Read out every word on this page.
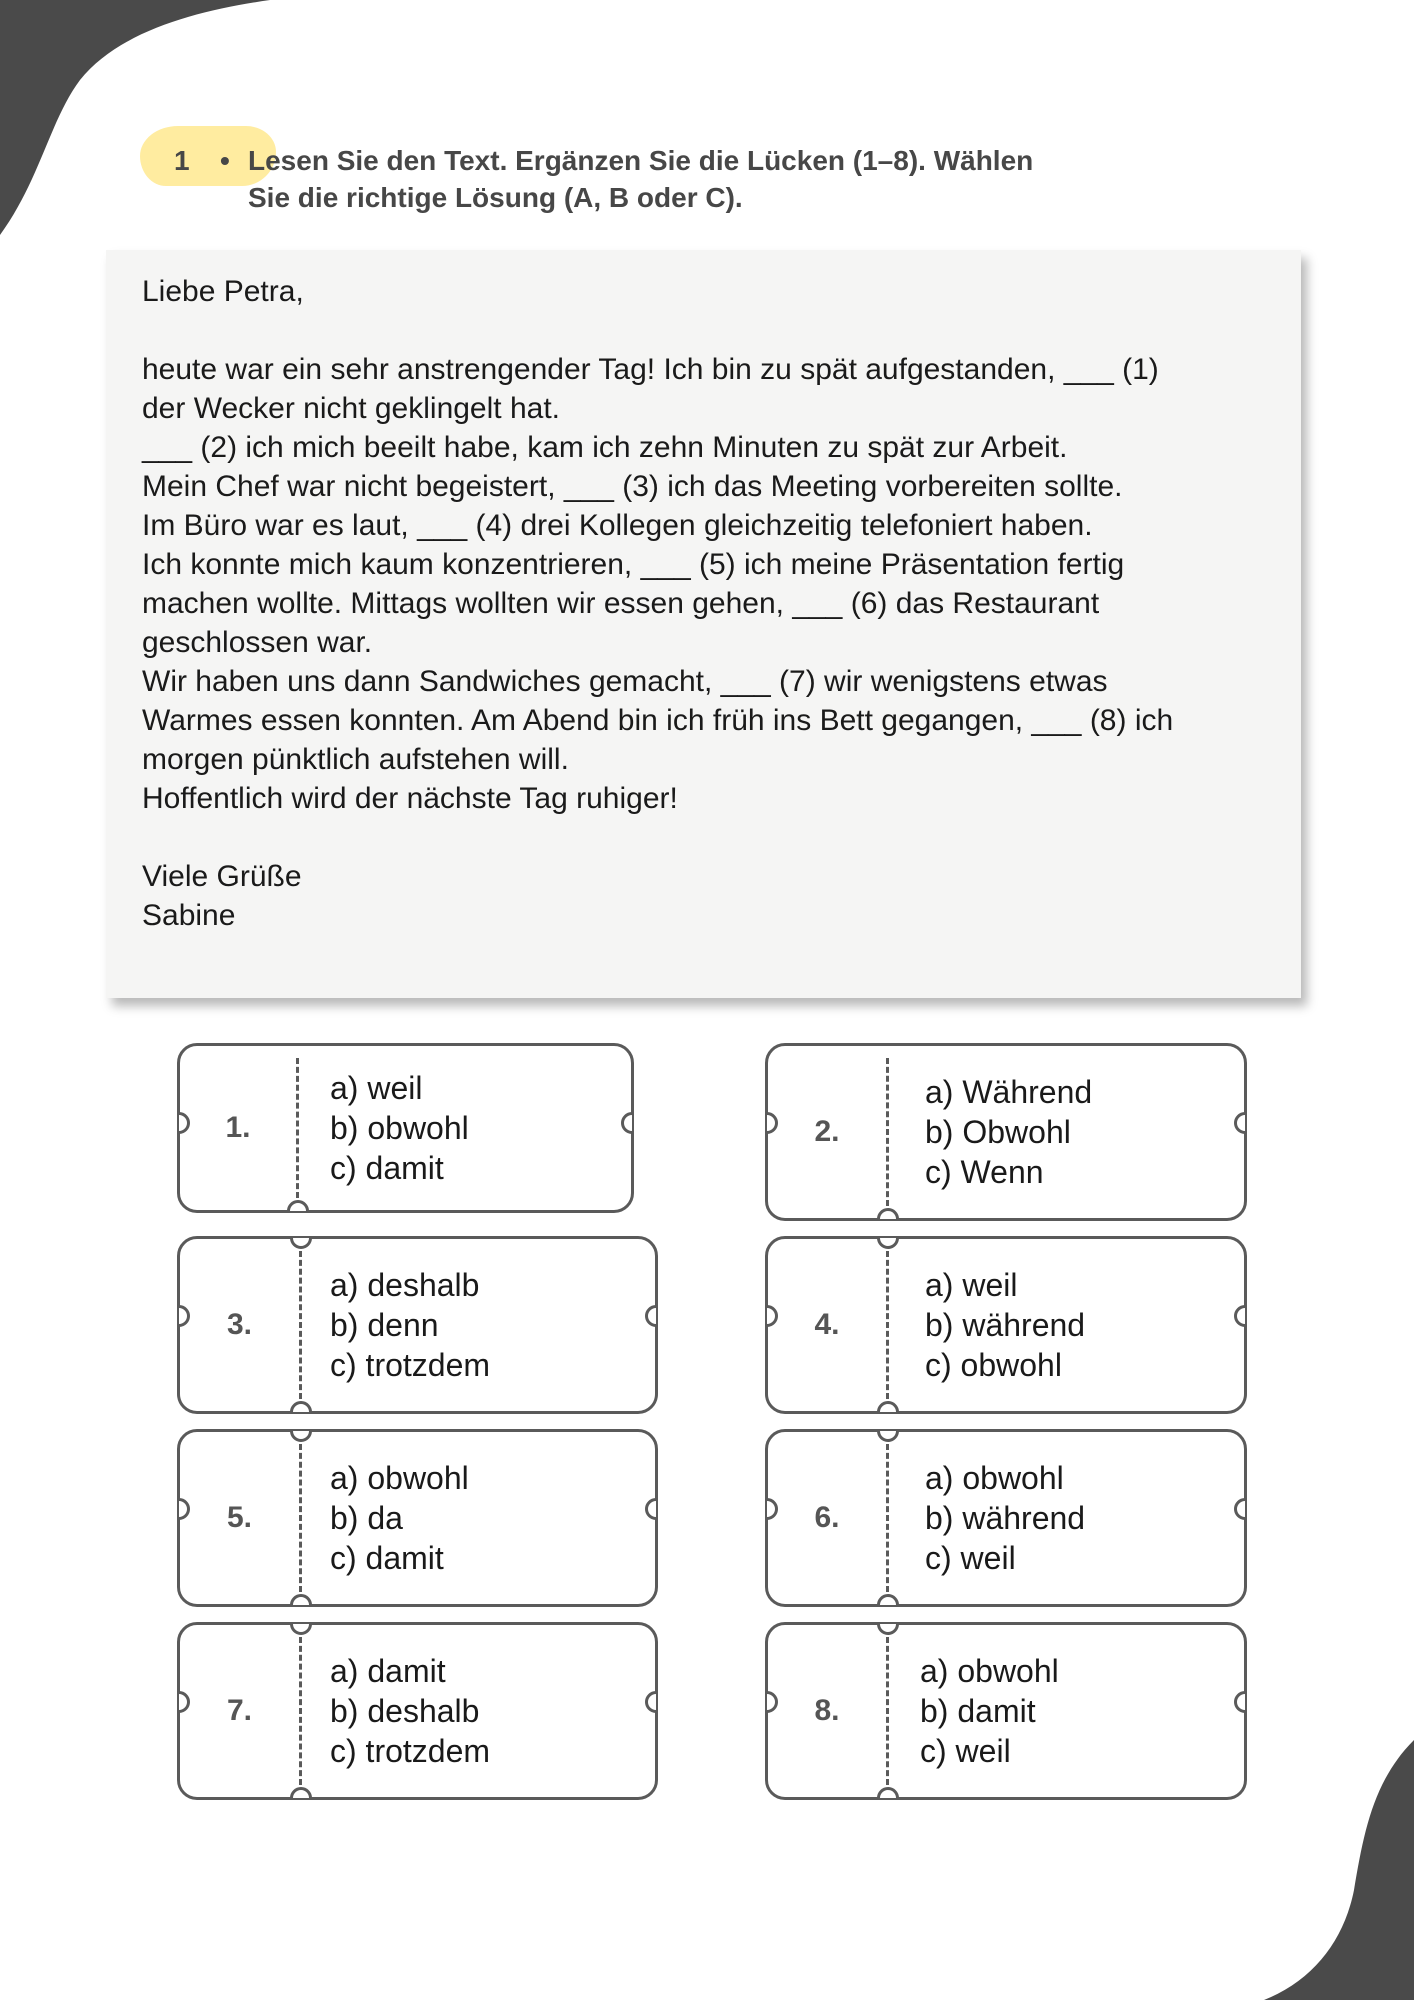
1 • Lesen Sie den Text. Ergänzen Sie die Lücken (1–8). Wählen
Sie die richtige Lösung (A, B oder C).

Liebe Petra,

heute war ein sehr anstrengender Tag! Ich bin zu spät aufgestanden, ___ (1)

der Wecker nicht geklingelt hat.

___ (2) ich mich beeilt habe, kam ich zehn Minuten zu spät zur Arbeit.

Mein Chef war nicht begeistert, ___ (3) ich das Meeting vorbereiten sollte.

Im Büro war es laut, ___ (4) drei Kollegen gleichzeitig telefoniert haben.

Ich konnte mich kaum konzentrieren, ___ (5) ich meine Präsentation fertig

machen wollte. Mittags wollten wir essen gehen, ___ (6) das Restaurant

geschlossen war.

Wir haben uns dann Sandwiches gemacht, ___ (7) wir wenigstens etwas

Warmes essen konnten. Am Abend bin ich früh ins Bett gegangen, ___ (8) ich

morgen pünktlich aufstehen will.

Hoffentlich wird der nächste Tag ruhiger!

Viele Grüße

Sabine

1.
a) weil
b) obwohl
c) damit
2.
a) Während
b) Obwohl
c) Wenn
3.
a) deshalb
b) denn
c) trotzdem
4.
a) weil
b) während
c) obwohl
5.
a) obwohl
b) da
c) damit
6.
a) obwohl
b) während
c) weil
7.
a) damit
b) deshalb
c) trotzdem
8.
a) obwohl
b) damit
c) weil
